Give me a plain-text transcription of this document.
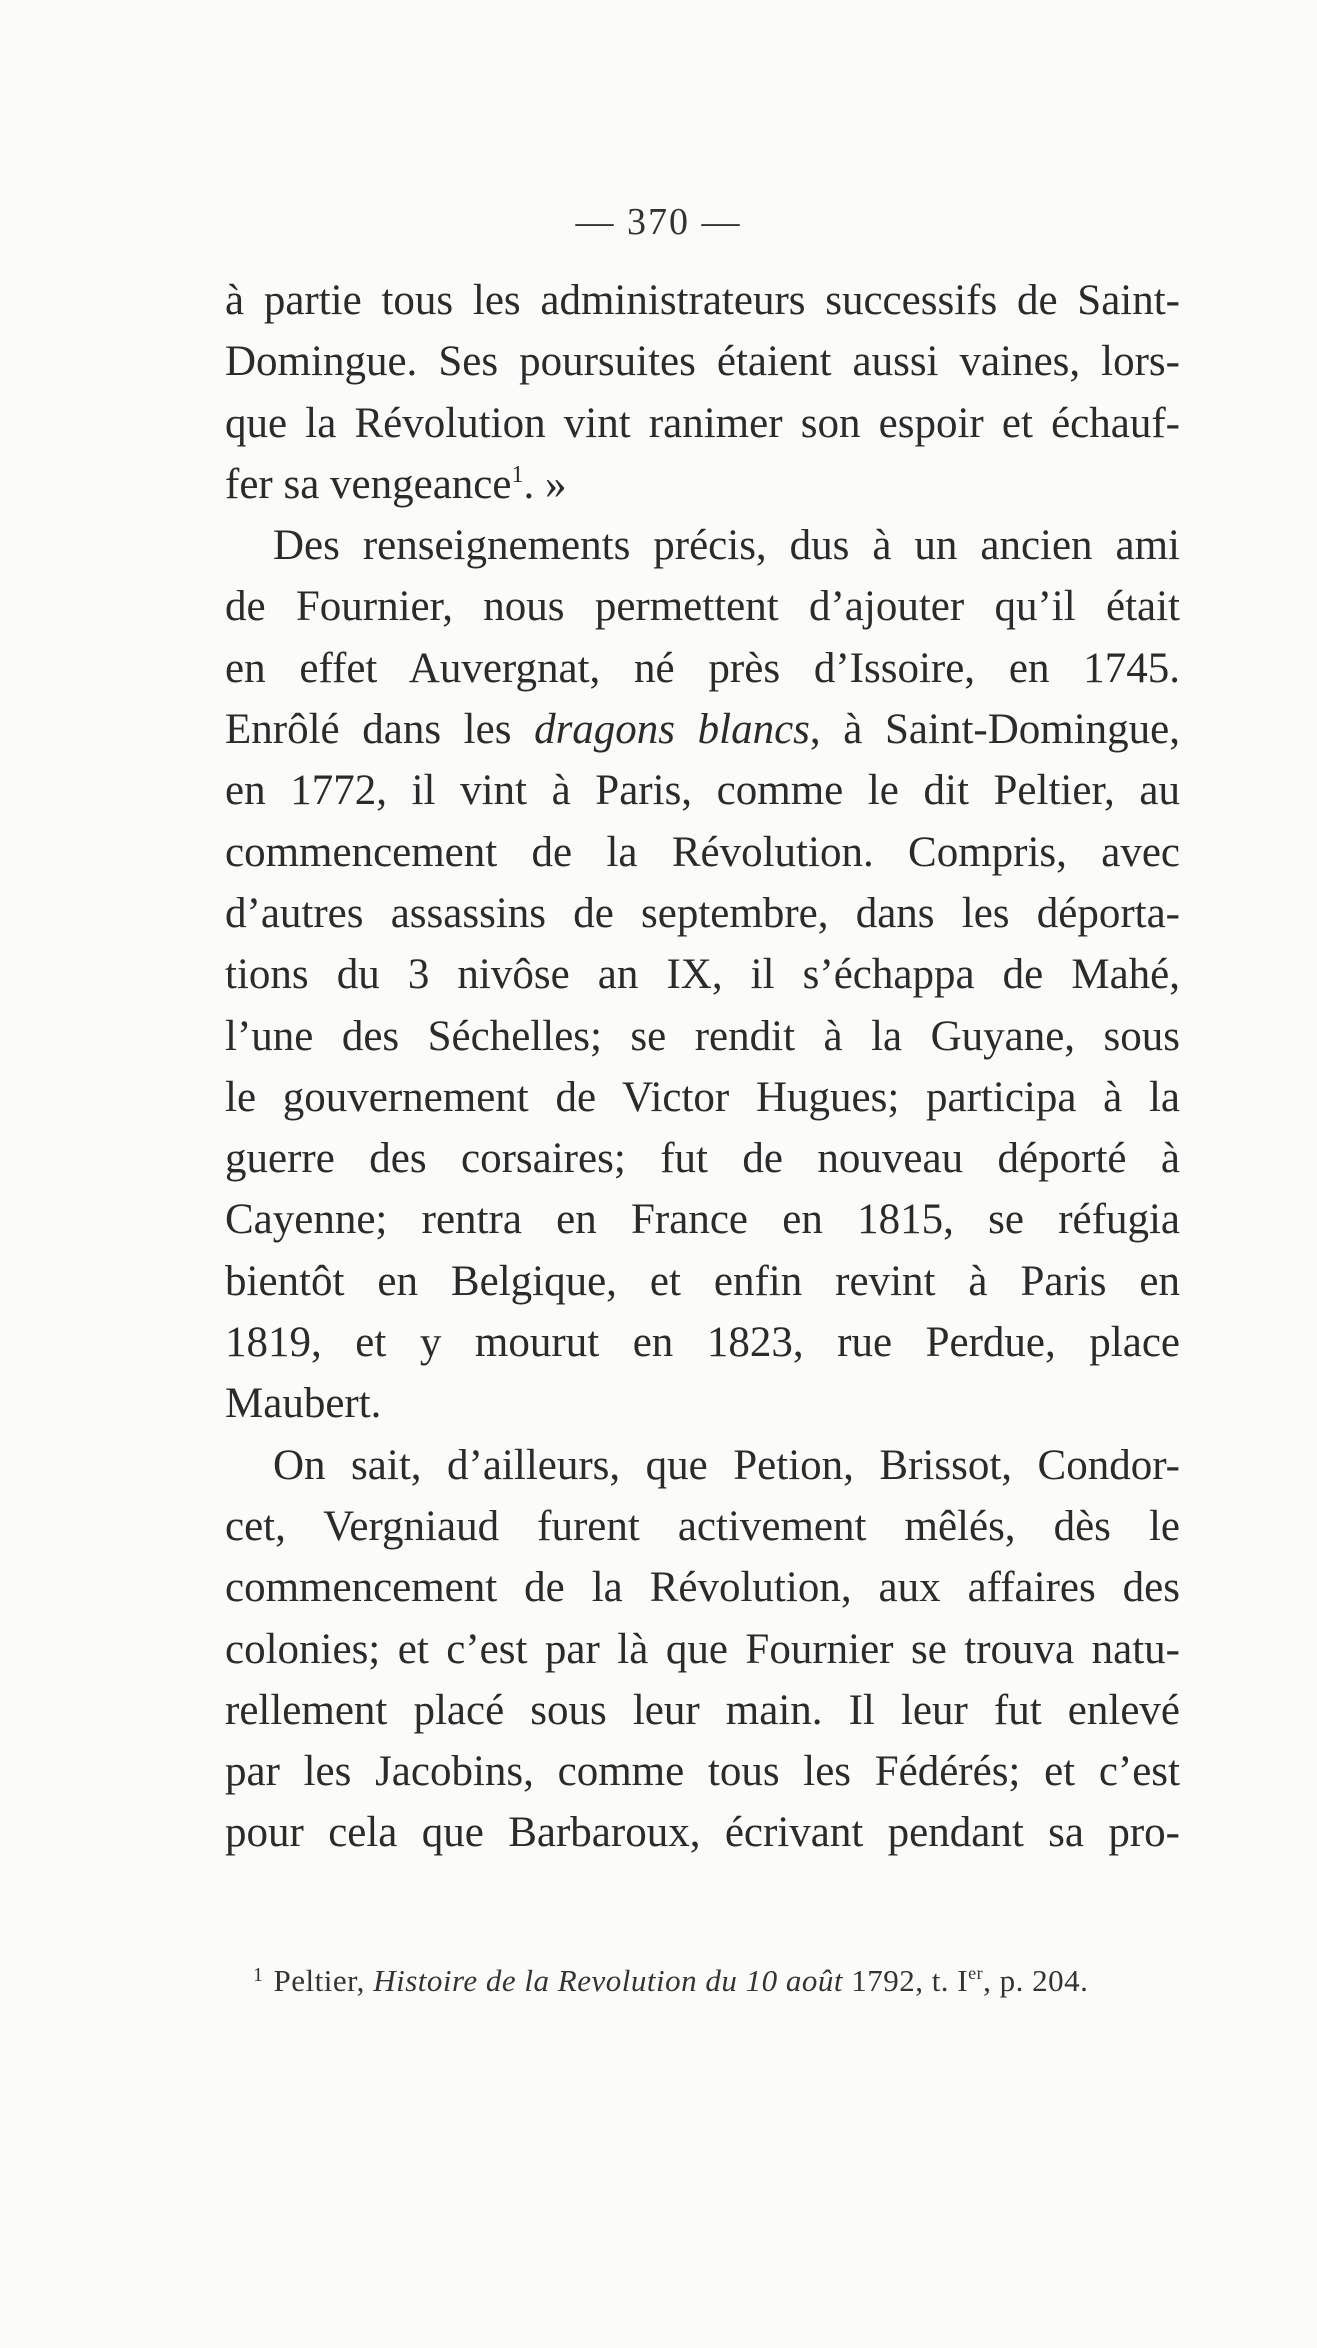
— 370 —
à partie tous les administrateurs successifs de Saint-
Domingue. Ses poursuites étaient aussi vaines, lors-
que la Révolution vint ranimer son espoir et échauf-
fer sa vengeance$^1$. »
Des renseignements précis, dus à un ancien ami
de Fournier, nous permettent d’ajouter qu’il était
en effet Auvergnat, né près d’Issoire, en 1745.
Enrôlé dans les dragons blancs, à Saint-Domingue,
en 1772, il vint à Paris, comme le dit Peltier, au
commencement de la Révolution. Compris, avec
d’autres assassins de septembre, dans les déporta-
tions du 3 nivôse an IX, il s’échappa de Mahé,
l’une des Séchelles; se rendit à la Guyane, sous
le gouvernement de Victor Hugues; participa à la
guerre des corsaires; fut de nouveau déporté à
Cayenne; rentra en France en 1815, se réfugia
bientôt en Belgique, et enfin revint à Paris en
1819, et y mourut en 1823, rue Perdue, place
Maubert.
On sait, d’ailleurs, que Petion, Brissot, Condor-
cet, Vergniaud furent activement mêlés, dès le
commencement de la Révolution, aux affaires des
colonies; et c’est par là que Fournier se trouva natu-
rellement placé sous leur main. Il leur fut enlevé
par les Jacobins, comme tous les Fédérés; et c’est
pour cela que Barbaroux, écrivant pendant sa pro-
$^1$ Peltier, Histoire de la Revolution du 10 août 1792, t. Ier, p. 204.
